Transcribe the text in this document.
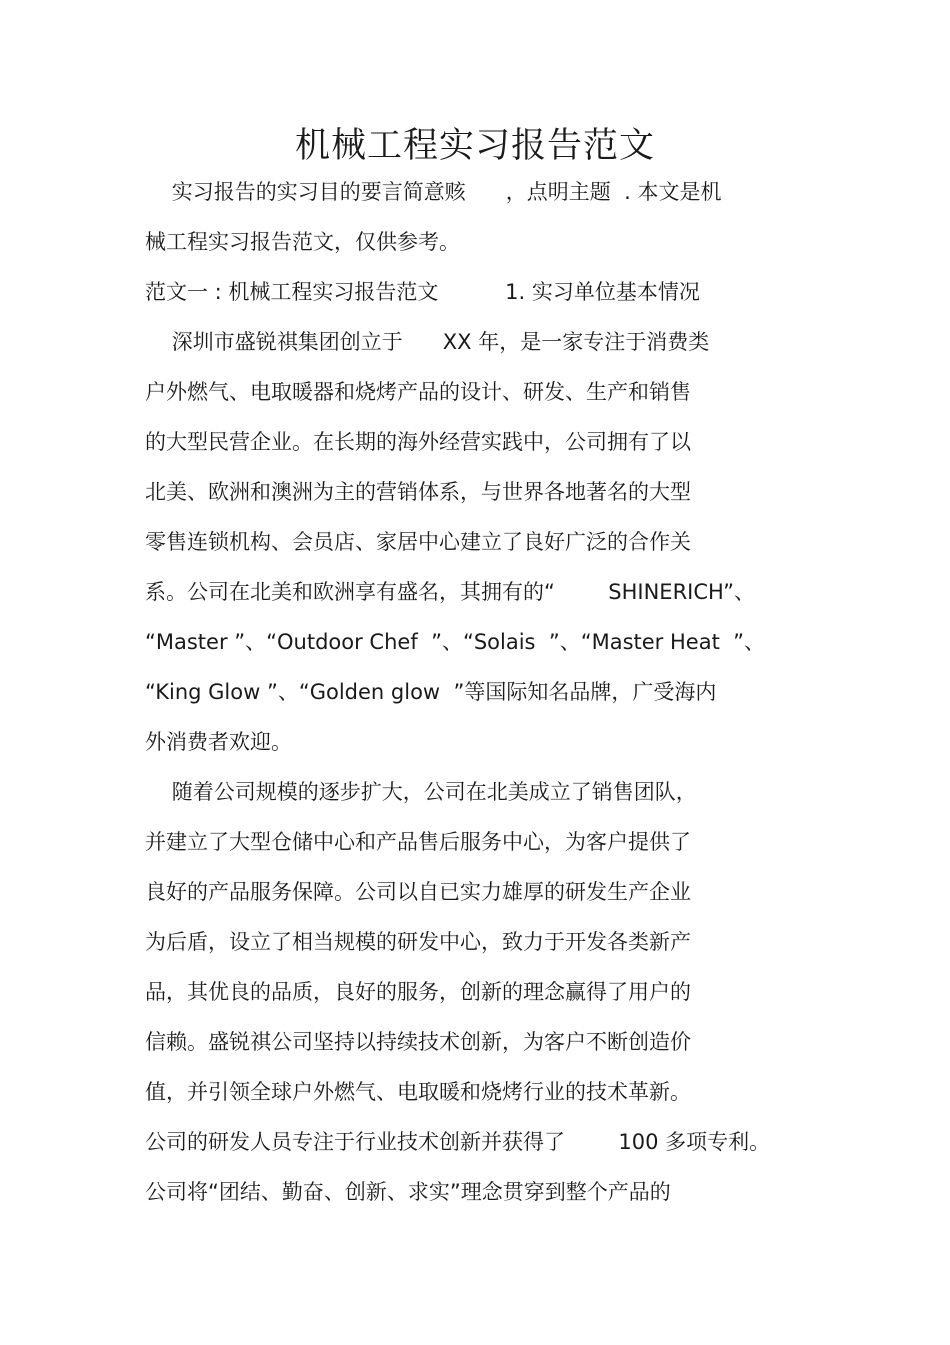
机械工程实习报告范文
实习报告的实习目的要言简意赅      ，点明主题  . 本文是机
械工程实习报告范文，仅供参考。
范文一 : 机械工程实习报告范文          1. 实习单位基本情况
深圳市盛锐祺集团创立于      XX 年，是一家专注于消费类
户外燃气、电取暖器和烧烤产品的设计、研发、生产和销售
的大型民营企业。在长期的海外经营实践中，公司拥有了以
北美、欧洲和澳洲为主的营销体系，与世界各地著名的大型
零售连锁机构、会员店、家居中心建立了良好广泛的合作关
系。公司在北美和欧洲享有盛名，其拥有的“        SHINERICH”、
“Master ”、“Outdoor Chef  ”、“Solais  ”、“Master Heat  ”、
“King Glow ”、“Golden glow  ”等国际知名品牌，广受海内
外消费者欢迎。
随着公司规模的逐步扩大，公司在北美成立了销售团队，
并建立了大型仓储中心和产品售后服务中心，为客户提供了
良好的产品服务保障。公司以自已实力雄厚的研发生产企业
为后盾，设立了相当规模的研发中心，致力于开发各类新产
品，其优良的品质，良好的服务，创新的理念赢得了用户的
信赖。盛锐祺公司坚持以持续技术创新，为客户不断创造价
值，并引领全球户外燃气、电取暖和烧烤行业的技术革新。
公司的研发人员专注于行业技术创新并获得了        100 多项专利。
公司将“团结、勤奋、创新、求实”理念贯穿到整个产品的
